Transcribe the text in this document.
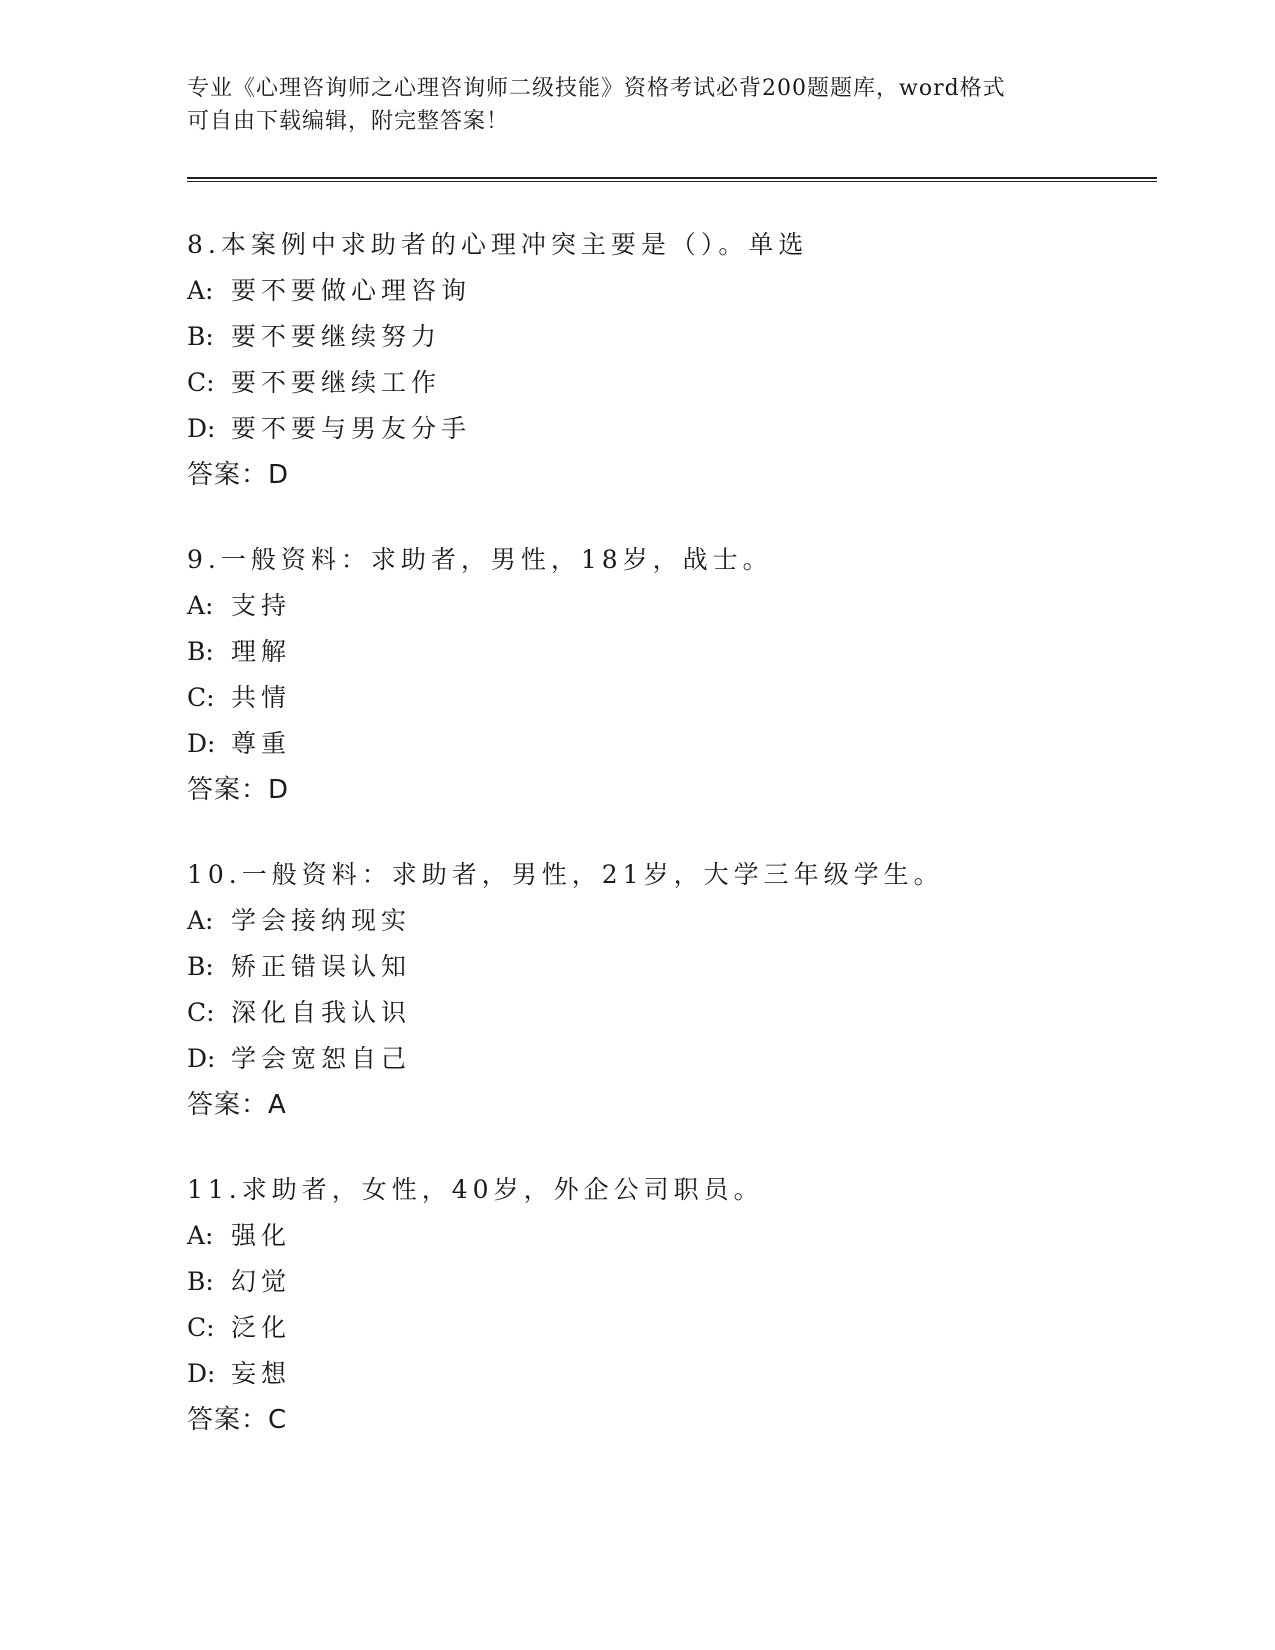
专业《心理咨询师之心理咨询师二级技能》资格考试必背200题题库，word格式
可自由下载编辑，附完整答案！
8.本案例中求助者的心理冲突主要是（）。单选
A: 要不要做心理咨询
B: 要不要继续努力
C: 要不要继续工作
D: 要不要与男友分手
答案：D
9.一般资料：求助者，男性，18岁，战士。
A: 支持
B: 理解
C: 共情
D: 尊重
答案：D
10.一般资料：求助者，男性，21岁，大学三年级学生。
A: 学会接纳现实
B: 矫正错误认知
C: 深化自我认识
D: 学会宽恕自己
答案：A
11.求助者，女性，40岁，外企公司职员。
A: 强化
B: 幻觉
C: 泛化
D: 妄想
答案：C
